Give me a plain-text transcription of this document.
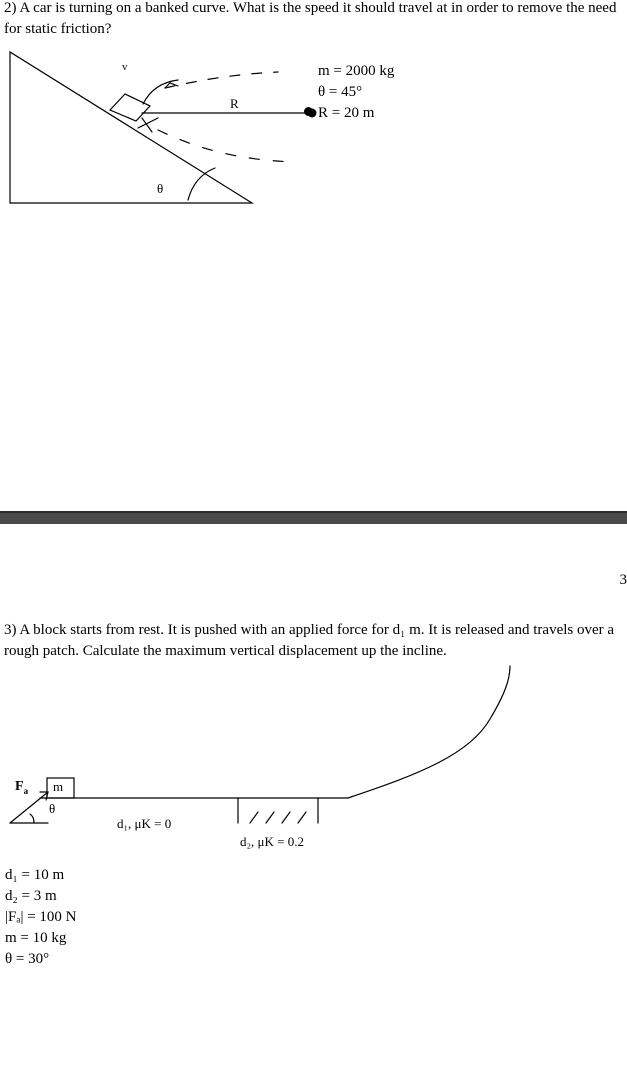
2) A car is turning on a banked curve. What is the speed it should travel at in order to remove the need for static friction?
v
R
θ
m = 2000 kg
θ = 45°
R = 20 m
3
3) A block starts from rest. It is pushed with an applied force for d₁ m. It is released and travels over a rough patch. Calculate the maximum vertical displacement up the incline.
$F_a$ m
θ
d₁, μK = 0
d₂, μK = 0.2
d₁ = 10 m
d₂ = 3 m
|Fₐ| = 100 N
m = 10 kg
θ = 30°
